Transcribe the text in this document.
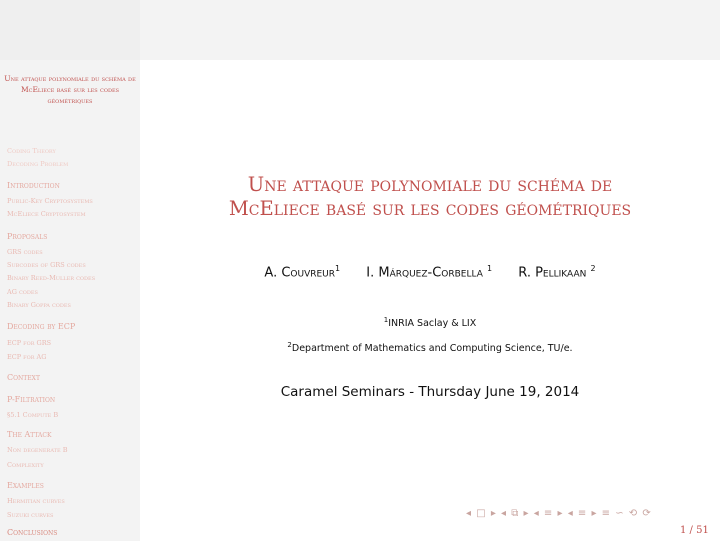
Une attaque polynomiale du schéma de McEliece basé sur les codes géométriques
Coding Theory
Decoding Problem
Introduction
Public-Key Cryptosystems
McEliece Cryptosystem
Proposals
GRS codes
Subcodes of GRS codes
Binary Reed-Muller codes
AG codes
Binary Goppa codes
Decoding by ECP
ECP for GRS
ECP for AG
Context
P-Filtration
§5.1 Compute B
The Attack
Non degenerate B
Complexity
Examples
Hermitian curves
Suzuki curves
Conclusions
Une attaque polynomiale du schéma de
McEliece basé sur les codes géométriques
A. Couvreur$^1$ I. Márquez-Corbella $^1$ R. Pellikaan $^2$
$^1$INRIA Saclay & LIX
$^2$Department of Mathematics and Computing Science, TU/e.
Caramel Seminars - Thursday June 19, 2014
◂ □ ▸ ◂ ⧉ ▸ ◂ ≡ ▸ ◂ ≡ ▸ ≡ ∽ ⟲ ⟳
1 / 51
